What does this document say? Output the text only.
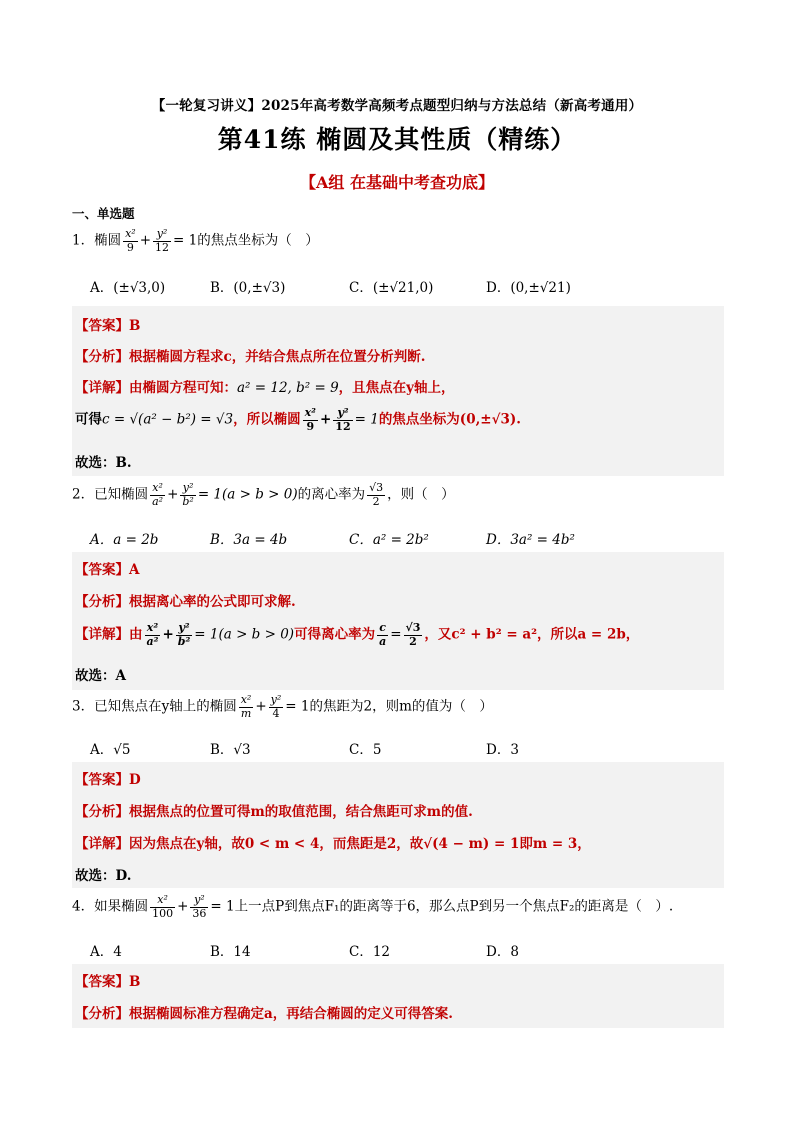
【一轮复习讲义】2025年高考数学高频考点题型归纳与方法总结（新高考通用）
第41练 椭圆及其性质（精练）
【A组 在基础中考查功底】
一、单选题
1．椭圆 $\frac{\text{x²}}{9} + \frac{\text{y²}}{12} = 1$的焦点坐标为（　）
A．(±√3,0)	B．(0,±√3)	C．(±√21,0)	D．(0,±√21)
【答案】B
【分析】根据椭圆方程求c，并结合焦点所在位置分析判断.
【详解】由椭圆方程可知：a² = 12, b² = 9，且焦点在y轴上，
可得c = √(a² − b²) = √3，所以椭圆 $\frac{\text{x²}}{9} + \frac{\text{y²}}{12} = 1$的焦点坐标为(0,±√3).
故选：B.
2．已知椭圆 $\frac{\text{x²}}{\text{a²}} + \frac{\text{y²}}{\text{b²}} = 1(a > b > 0)$的离心率为 $\frac{√3}{2}$ ，则（　）
A．a = 2b	B．3a = 4b	C．a² = 2b²	D．3a² = 4b²
【答案】A
【分析】根据离心率的公式即可求解.
【详解】由 $\frac{\text{x²}}{\text{a²}} + \frac{\text{y²}}{\text{b²}} = 1(a > b > 0)$可得离心率为 $\frac{c}{a} = \frac{√3}{2}$ ，又c² + b² = a²，所以a = 2b，
故选：A
3．已知焦点在y轴上的椭圆 $\frac{\text{x²}}{m} + \frac{\text{y²}}{4} = 1$的焦距为2，则m的值为（　）
A．√5	B．√3	C．5	D．3
【答案】D
【分析】根据焦点的位置可得m的取值范围，结合焦距可求m的值.
【详解】因为焦点在y轴，故0 < m < 4，而焦距是2，故√(4 − m) = 1即m = 3，
故选：D.
4．如果椭圆 $\frac{\text{x²}}{100} + \frac{\text{y²}}{36} = 1$上一点P到焦点F₁的距离等于6，那么点P到另一个焦点F₂的距离是（　）.
A．4	B．14	C．12	D．8
【答案】B
【分析】根据椭圆标准方程确定a，再结合椭圆的定义可得答案.
